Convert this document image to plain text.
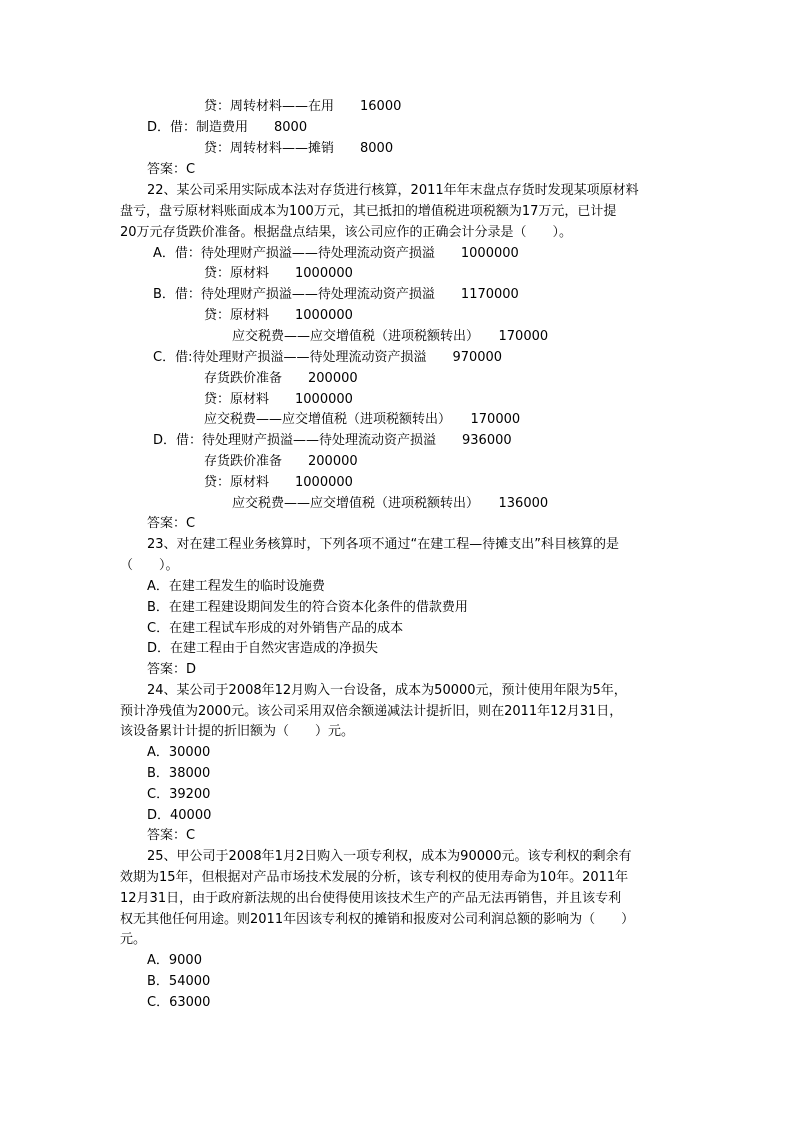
贷：周转材料——在用　　16000
D．借：制造费用　　8000
贷：周转材料——摊销　　8000
答案：C
22、某公司采用实际成本法对存货进行核算，2011年年末盘点存货时发现某项原材料
盘亏，盘亏原材料账面成本为100万元，其已抵扣的增值税进项税额为17万元，已计提
20万元存货跌价准备。根据盘点结果，该公司应作的正确会计分录是（　　）。
A．借：待处理财产损溢——待处理流动资产损溢　　1000000
贷：原材料　　1000000
B．借：待处理财产损溢——待处理流动资产损溢　　1170000
贷：原材料　　1000000
应交税费——应交增值税（进项税额转出）　　170000
C．借:待处理财产损溢——待处理流动资产损溢　　970000
存货跌价准备　　200000
贷：原材料　　1000000
应交税费——应交增值税（进项税额转出）　　170000
D．借：待处理财产损溢——待处理流动资产损溢　　936000
存货跌价准备　　200000
贷：原材料　　1000000
应交税费——应交增值税（进项税额转出）　　136000
答案：C
23、对在建工程业务核算时，下列各项不通过“在建工程—待摊支出”科目核算的是
（　　）。
A．在建工程发生的临时设施费
B．在建工程建设期间发生的符合资本化条件的借款费用
C．在建工程试车形成的对外销售产品的成本
D．在建工程由于自然灾害造成的净损失
答案：D
24、某公司于2008年12月购入一台设备，成本为50000元，预计使用年限为5年，
预计净残值为2000元。该公司采用双倍余额递减法计提折旧，则在2011年12月31日，
该设备累计计提的折旧额为（　　）元。
A．30000
B．38000
C．39200
D．40000
答案：C
25、甲公司于2008年1月2日购入一项专利权，成本为90000元。该专利权的剩余有
效期为15年，但根据对产品市场技术发展的分析，该专利权的使用寿命为10年。2011年
12月31日，由于政府新法规的出台使得使用该技术生产的产品无法再销售，并且该专利
权无其他任何用途。则2011年因该专利权的摊销和报废对公司利润总额的影响为（　　）
元。
A．9000
B．54000
C．63000
